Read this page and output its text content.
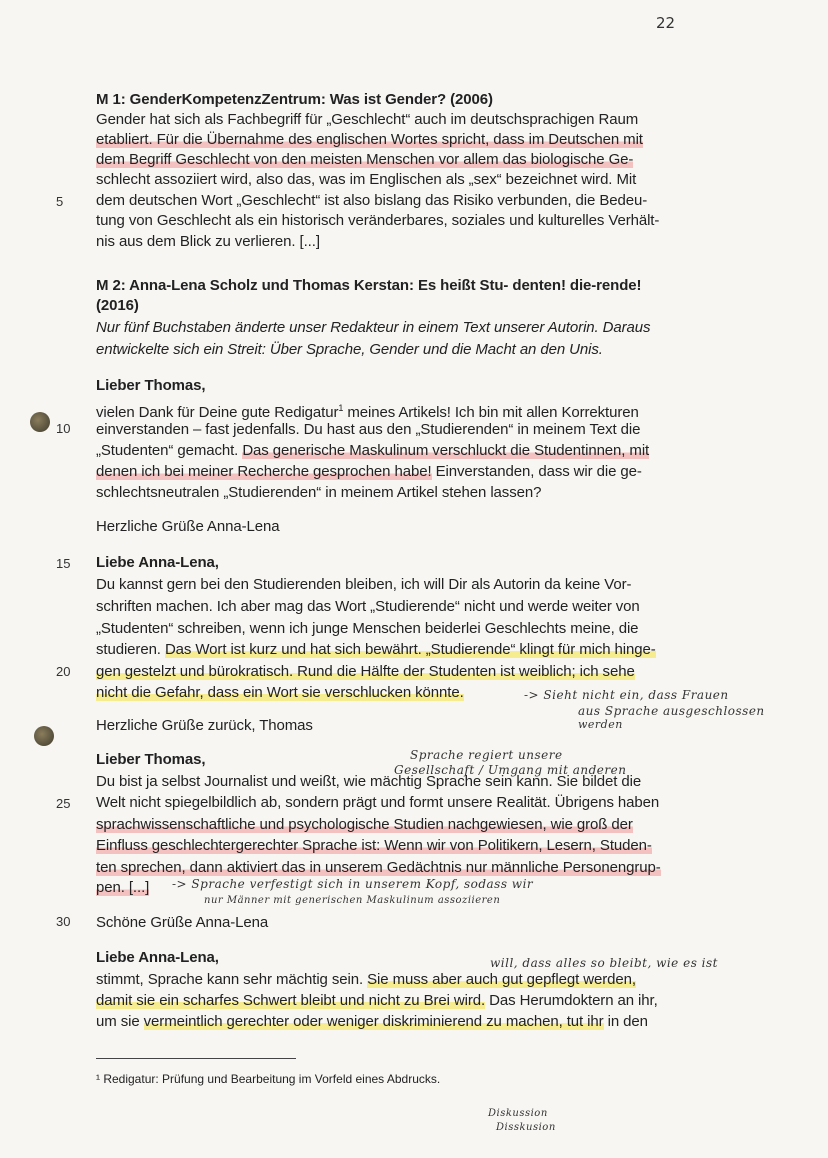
22
M 1: GenderKompetenzZentrum: Was ist Gender? (2006)
Gender hat sich als Fachbegriff für „Geschlecht“ auch im deutschsprachigen Raum
etabliert. Für die Übernahme des englischen Wortes spricht, dass im Deutschen mit
dem Begriff Geschlecht von den meisten Menschen vor allem das biologische Ge-
schlecht assoziiert wird, also das, was im Englischen als „sex“ bezeichnet wird. Mit
dem deutschen Wort „Geschlecht“ ist also bislang das Risiko verbunden, die Bedeu-
tung von Geschlecht als ein historisch veränderbares, soziales und kulturelles Verhält-
nis aus dem Blick zu verlieren. [...]
M 2: Anna-Lena Scholz und Thomas Kerstan: Es heißt Stu- denten! die-rende!
(2016)
Nur fünf Buchstaben änderte unser Redakteur in einem Text unserer Autorin. Daraus
entwickelte sich ein Streit: Über Sprache, Gender und die Macht an den Unis.
Lieber Thomas,
vielen Dank für Deine gute Redigatur$^1$ meines Artikels! Ich bin mit allen Korrekturen
einverstanden – fast jedenfalls. Du hast aus den „Studierenden“ in meinem Text die
„Studenten“ gemacht. Das generische Maskulinum verschluckt die Studentinnen, mit
denen ich bei meiner Recherche gesprochen habe! Einverstanden, dass wir die ge-
schlechtsneutralen „Studierenden“ in meinem Artikel stehen lassen?
Herzliche Grüße Anna-Lena
Liebe Anna-Lena,
Du kannst gern bei den Studierenden bleiben, ich will Dir als Autorin da keine Vor-
schriften machen. Ich aber mag das Wort „Studierende“ nicht und werde weiter von
„Studenten“ schreiben, wenn ich junge Menschen beiderlei Geschlechts meine, die
studieren. Das Wort ist kurz und hat sich bewährt. „Studierende“ klingt für mich hinge-
gen gestelzt und bürokratisch. Rund die Hälfte der Studenten ist weiblich; ich sehe
nicht die Gefahr, dass ein Wort sie verschlucken könnte.
Herzliche Grüße zurück, Thomas
Lieber Thomas,
Du bist ja selbst Journalist und weißt, wie mächtig Sprache sein kann. Sie bildet die
Welt nicht spiegelbildlich ab, sondern prägt und formt unsere Realität. Übrigens haben
sprachwissenschaftliche und psychologische Studien nachgewiesen, wie groß der
Einfluss geschlechtergerechter Sprache ist: Wenn wir von Politikern, Lesern, Studen-
ten sprechen, dann aktiviert das in unserem Gedächtnis nur männliche Personengrup-
pen. [...]
Schöne Grüße Anna-Lena
Liebe Anna-Lena,
stimmt, Sprache kann sehr mächtig sein. Sie muss aber auch gut gepflegt werden,
damit sie ein scharfes Schwert bleibt und nicht zu Brei wird. Das Herumdoktern an ihr,
um sie vermeintlich gerechter oder weniger diskriminierend zu machen, tut ihr in den
5
10
15
20
25
30
-> Sieht nicht ein, dass Frauen
aus Sprache ausgeschlossen
werden
Sprache regiert unsere
Gesellschaft / Umgang mit anderen
-> Sprache verfestigt sich in unserem Kopf, sodass wir
nur Männer mit generischen Maskulinum assoziieren
will, dass alles so bleibt, wie es ist
Diskussion
Disskusion
¹ Redigatur: Prüfung und Bearbeitung im Vorfeld eines Abdrucks.
